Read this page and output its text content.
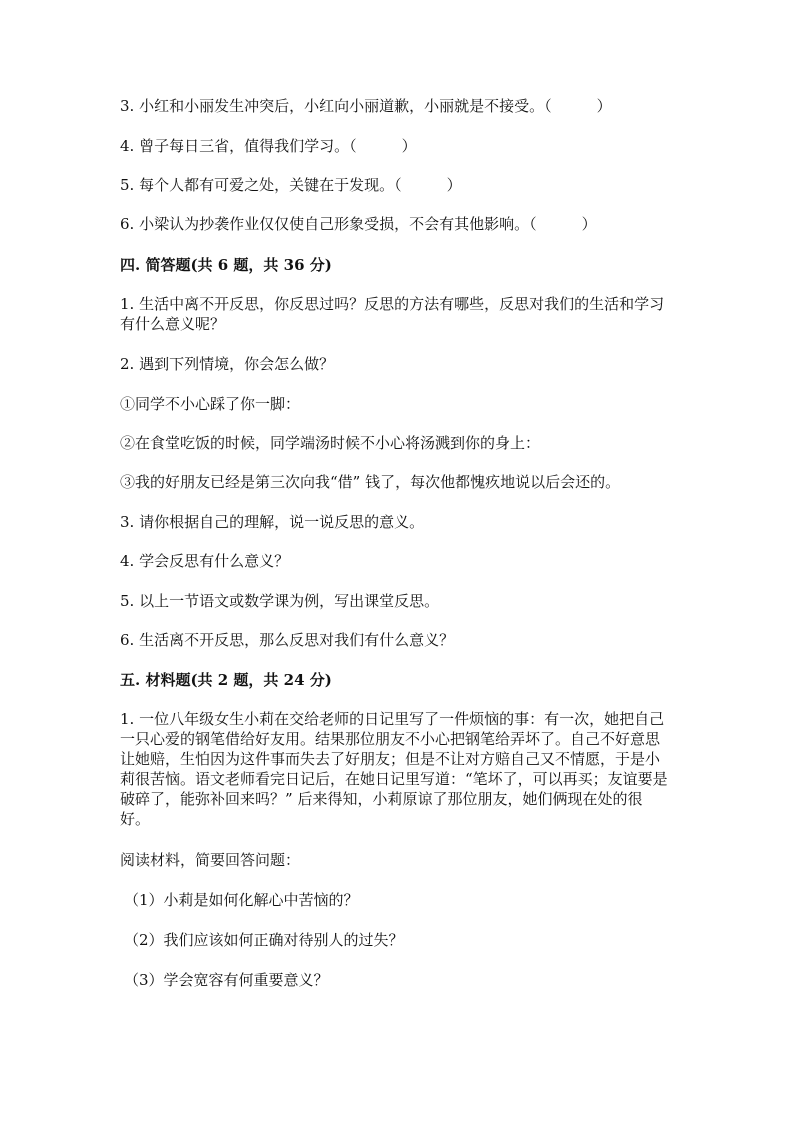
3. 小红和小丽发生冲突后，小红向小丽道歉，小丽就是不接受。（　　　）
4. 曾子每日三省，值得我们学习。（　　　）
5. 每个人都有可爱之处，关键在于发现。（　　　）
6. 小梁认为抄袭作业仅仅使自己形象受损，不会有其他影响。（　　　）
四. 简答题(共 6 题，共 36 分)
1. 生活中离不开反思，你反思过吗？反思的方法有哪些，反思对我们的生活和学习有什么意义呢？
2. 遇到下列情境，你会怎么做？
①同学不小心踩了你一脚：
②在食堂吃饭的时候，同学端汤时候不小心将汤溅到你的身上：
③我的好朋友已经是第三次向我“借” 钱了，每次他都愧疚地说以后会还的。
3. 请你根据自己的理解，说一说反思的意义。
4. 学会反思有什么意义？
5. 以上一节语文或数学课为例，写出课堂反思。
6. 生活离不开反思，那么反思对我们有什么意义？
五. 材料题(共 2 题，共 24 分)
1. 一位八年级女生小莉在交给老师的日记里写了一件烦恼的事：有一次，她把自己一只心爱的钢笔借给好友用。结果那位朋友不小心把钢笔给弄坏了。自己不好意思让她赔，生怕因为这件事而失去了好朋友；但是不让对方赔自己又不情愿，于是小莉很苦恼。语文老师看完日记后，在她日记里写道：“笔坏了，可以再买；友谊要是破碎了，能弥补回来吗？” 后来得知，小莉原谅了那位朋友，她们俩现在处的很好。
阅读材料，简要回答问题：
（1）小莉是如何化解心中苦恼的？
（2）我们应该如何正确对待别人的过失？
（3）学会宽容有何重要意义？
